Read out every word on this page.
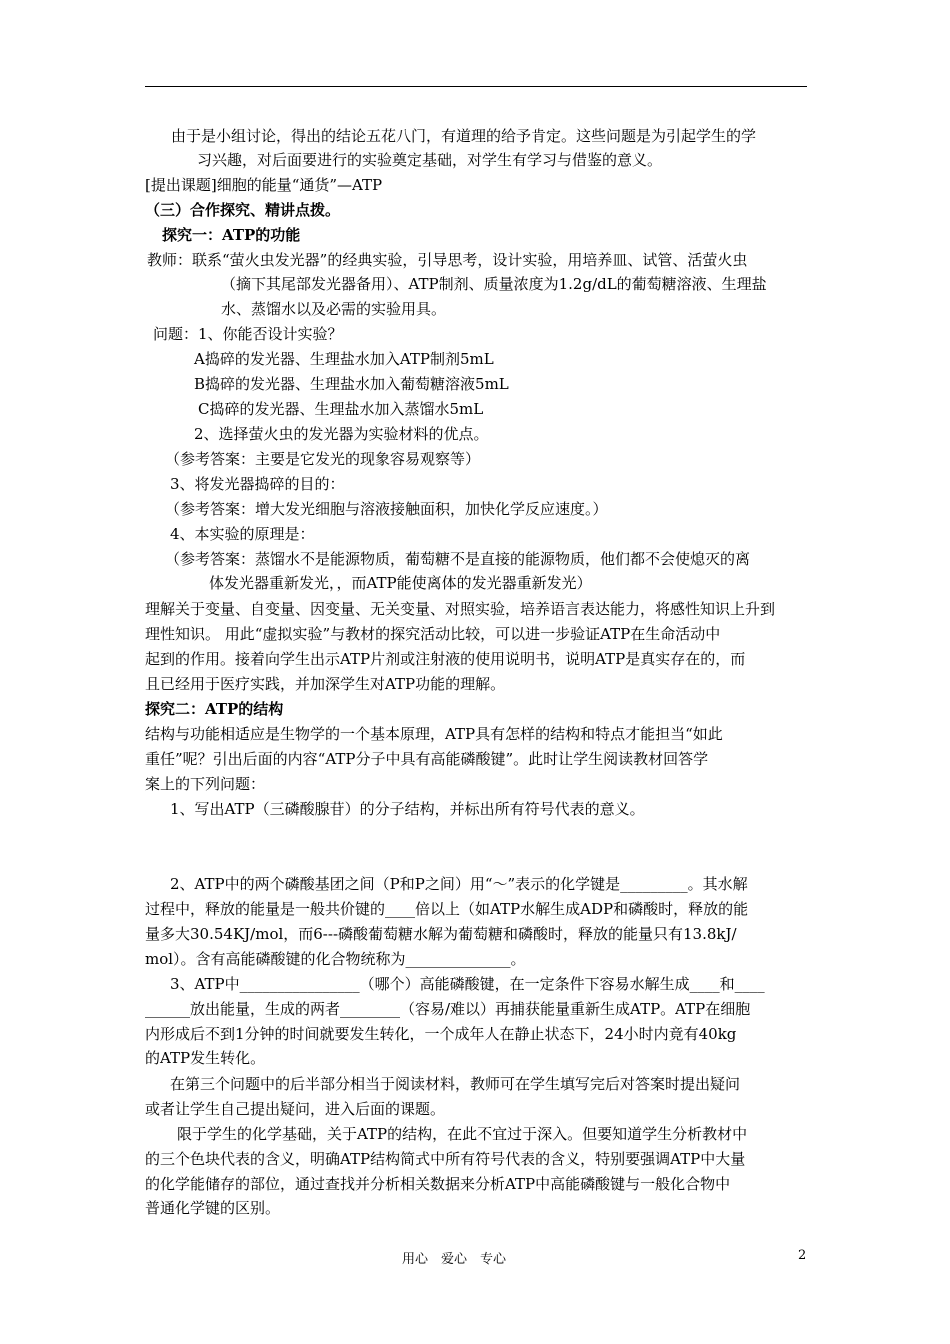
由于是小组讨论，得出的结论五花八门，有道理的给予肯定。这些问题是为引起学生的学
习兴趣，对后面要进行的实验奠定基础，对学生有学习与借鉴的意义。
[提出课题]细胞的能量“通货”—ATP
（三）合作探究、精讲点拨。
探究一：ATP的功能
教师：联系“萤火虫发光器”的经典实验，引导思考，设计实验，用培养皿、试管、活萤火虫
（摘下其尾部发光器备用）、ATP制剂、质量浓度为1.2g/dL的葡萄糖溶液、生理盐
水、蒸馏水以及必需的实验用具。
问题：1、你能否设计实验？
A捣碎的发光器、生理盐水加入ATP制剂5mL
B捣碎的发光器、生理盐水加入葡萄糖溶液5mL
C捣碎的发光器、生理盐水加入蒸馏水5mL
2、选择萤火虫的发光器为实验材料的优点。
（参考答案：主要是它发光的现象容易观察等）
3、将发光器捣碎的目的：
（参考答案：增大发光细胞与溶液接触面积，加快化学反应速度。）
4、本实验的原理是：
（参考答案：蒸馏水不是能源物质，葡萄糖不是直接的能源物质，他们都不会使熄灭的离
体发光器重新发光，，而ATP能使离体的发光器重新发光）
理解关于变量、自变量、因变量、无关变量、对照实验，培养语言表达能力，将感性知识上升到
理性知识。 用此“虚拟实验”与教材的探究活动比较，可以进一步验证ATP在生命活动中
起到的作用。接着向学生出示ATP片剂或注射液的使用说明书，说明ATP是真实存在的，而
且已经用于医疗实践，并加深学生对ATP功能的理解。
探究二：ATP的结构
结构与功能相适应是生物学的一个基本原理，ATP具有怎样的结构和特点才能担当“如此
重任”呢？引出后面的内容“ATP分子中具有高能磷酸键”。此时让学生阅读教材回答学
案上的下列问题：
1、写出ATP（三磷酸腺苷）的分子结构，并标出所有符号代表的意义。
2、ATP中的两个磷酸基团之间（P和P之间）用“～”表示的化学键是_________。其水解
过程中，释放的能量是一般共价键的____倍以上（如ATP水解生成ADP和磷酸时，释放的能
量多大30.54KJ/mol，而6---磷酸葡萄糖水解为葡萄糖和磷酸时，释放的能量只有13.8kJ/
mol）。含有高能磷酸键的化合物统称为______________。
3、ATP中________________（哪个）高能磷酸键，在一定条件下容易水解生成____和____
______放出能量，生成的两者________（容易/难以）再捕获能量重新生成ATP。ATP在细胞
内形成后不到1分钟的时间就要发生转化，一个成年人在静止状态下，24小时内竟有40kg
的ATP发生转化。
在第三个问题中的后半部分相当于阅读材料，教师可在学生填写完后对答案时提出疑问
或者让学生自己提出疑问，进入后面的课题。
限于学生的化学基础，关于ATP的结构，在此不宜过于深入。但要知道学生分析教材中
的三个色块代表的含义，明确ATP结构简式中所有符号代表的含义，特别要强调ATP中大量
的化学能储存的部位，通过查找并分析相关数据来分析ATP中高能磷酸键与一般化合物中
普通化学键的区别。
用心　爱心　专心	2
